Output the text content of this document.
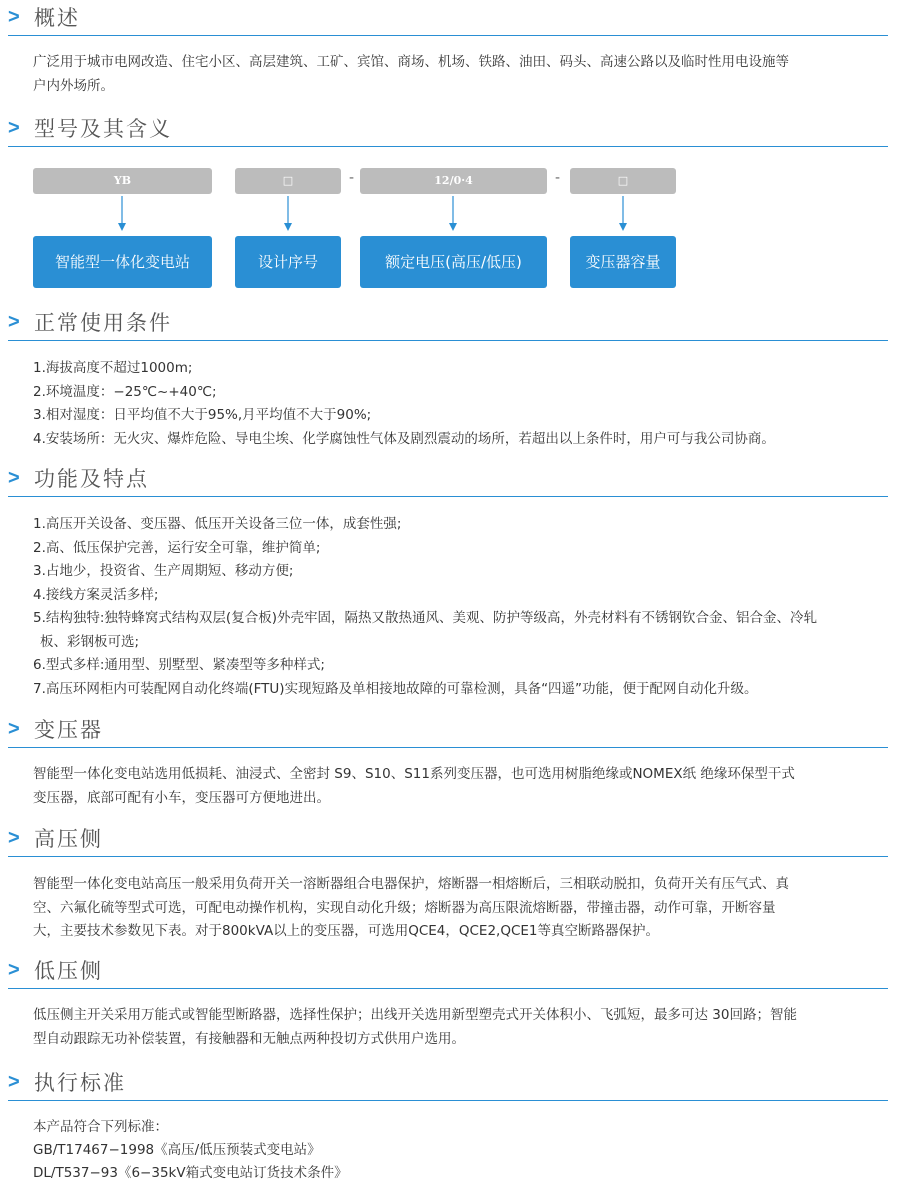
> 概述
广泛用于城市电网改造、住宅小区、高层建筑、工矿、宾馆、商场、机场、铁路、油田、码头、高速公路以及临时性用电设施等
户内外场所。
> 型号及其含义
YB	□	-	12/0·4	-	□
智能型一体化变电站	设计序号	额定电压(高压/低压)	变压器容量
> 正常使用条件
1.海拔高度不超过1000m;
2.环境温度：−25℃~+40℃;
3.相对湿度：日平均值不大于95%,月平均值不大于90%;
4.安装场所：无火灾、爆炸危险、导电尘埃、化学腐蚀性气体及剧烈震动的场所，若超出以上条件时，用户可与我公司协商。
> 功能及特点
1.高压开关设备、变压器、低压开关设备三位一体，成套性强;
2.高、低压保护完善，运行安全可靠，维护简单;
3.占地少，投资省、生产周期短、移动方便;
4.接线方案灵活多样;
5.结构独特:独特蜂窝式结构双层(复合板)外壳牢固，隔热又散热通风、美观、防护等级高，外壳材料有不锈钢钦合金、铝合金、冷轧
板、彩钢板可选;
6.型式多样:通用型、别墅型、紧凑型等多种样式;
7.高压环网柜内可装配网自动化终端(FTU)实现短路及单相接地故障的可靠检测，具备“四遥”功能，便于配网自动化升级。
> 变压器
智能型一体化变电站选用低损耗、油浸式、全密封 S9、S10、S11系列变压器，也可选用树脂绝缘或NOMEX纸 绝缘环保型干式
变压器，底部可配有小车，变压器可方便地进出。
> 高压侧
智能型一体化变电站高压一般采用负荷开关一溶断器组合电器保护，熔断器一相熔断后，三相联动脱扣，负荷开关有压气式、真
空、六氟化硫等型式可选，可配电动操作机构，实现自动化升级；熔断器为高压限流熔断器，带撞击器，动作可靠，开断容量
大，主要技术参数见下表。对于800kVA以上的变压器，可选用QCE4，QCE2,QCE1等真空断路器保护。
> 低压侧
低压侧主开关采用万能式或智能型断路器，选择性保护；出线开关选用新型塑壳式开关体积小、飞弧短，最多可达 30回路；智能
型自动跟踪无功补偿装置，有接触器和无触点两种投切方式供用户选用。
> 执行标准
本产品符合下列标准：
GB/T17467−1998《高压/低压预装式变电站》
DL/T537−93《6−35kV箱式变电站订货技术条件》
